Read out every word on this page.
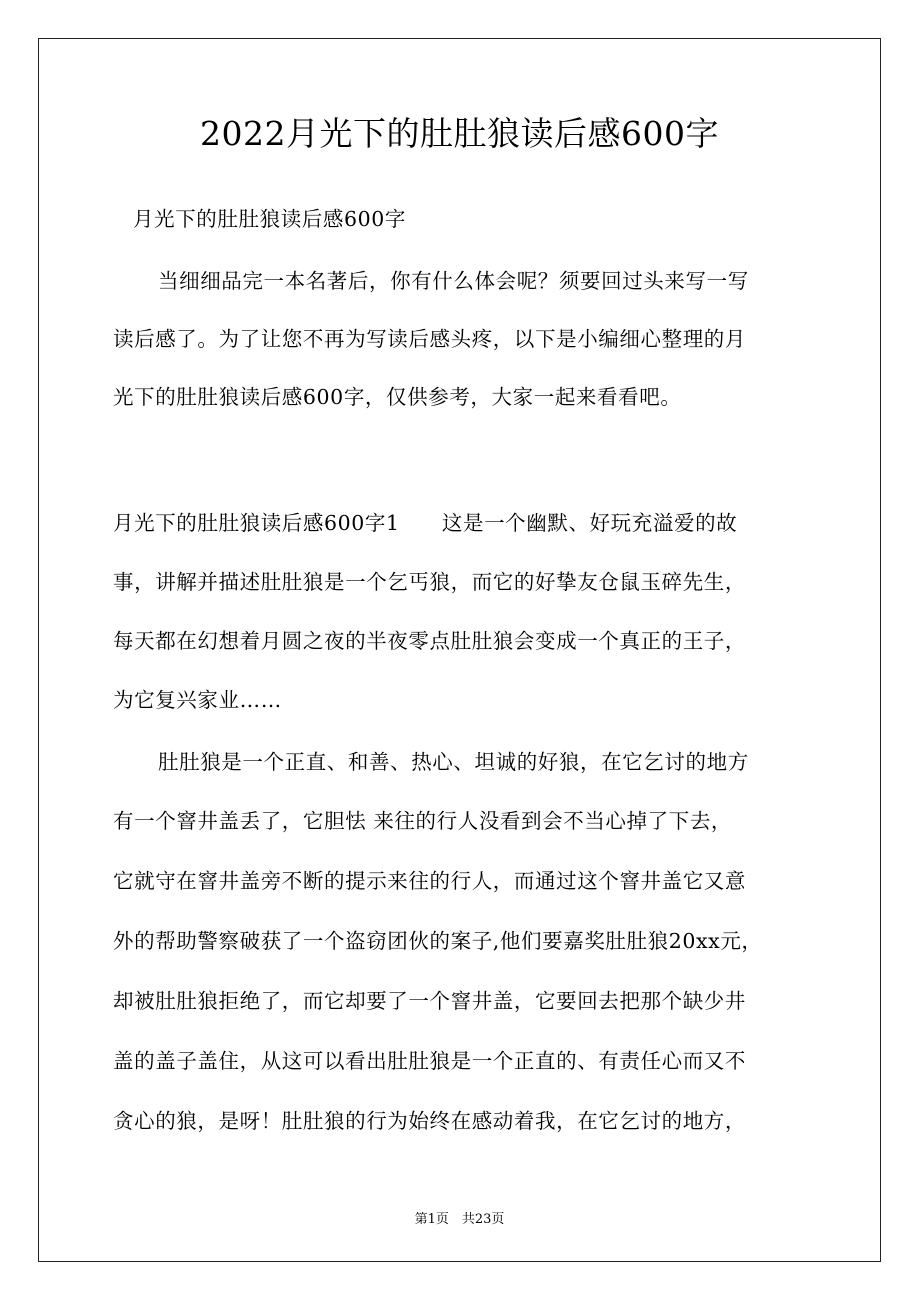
2022月光下的肚肚狼读后感600字
月光下的肚肚狼读后感600字
当细细品完一本名著后，你有什么体会呢？须要回过头来写一写
读后感了。为了让您不再为写读后感头疼，以下是小编细心整理的月
光下的肚肚狼读后感600字，仅供参考，大家一起来看看吧。
月光下的肚肚狼读后感600字1　　这是一个幽默、好玩充溢爱的故
事，讲解并描述肚肚狼是一个乞丐狼，而它的好挚友仓鼠玉碎先生，
每天都在幻想着月圆之夜的半夜零点肚肚狼会变成一个真正的王子，
为它复兴家业……
肚肚狼是一个正直、和善、热心、坦诚的好狼，在它乞讨的地方
有一个窨井盖丢了，它胆怯 来往的行人没看到会不当心掉了下去，
它就守在窨井盖旁不断的提示来往的行人，而通过这个窨井盖它又意
外的帮助警察破获了一个盗窃团伙的案子,他们要嘉奖肚肚狼20xx元，
却被肚肚狼拒绝了，而它却要了一个窨井盖，它要回去把那个缺少井
盖的盖子盖住，从这可以看出肚肚狼是一个正直的、有责任心而又不
贪心的狼，是呀！肚肚狼的行为始终在感动着我，在它乞讨的地方，
第1页　共23页
